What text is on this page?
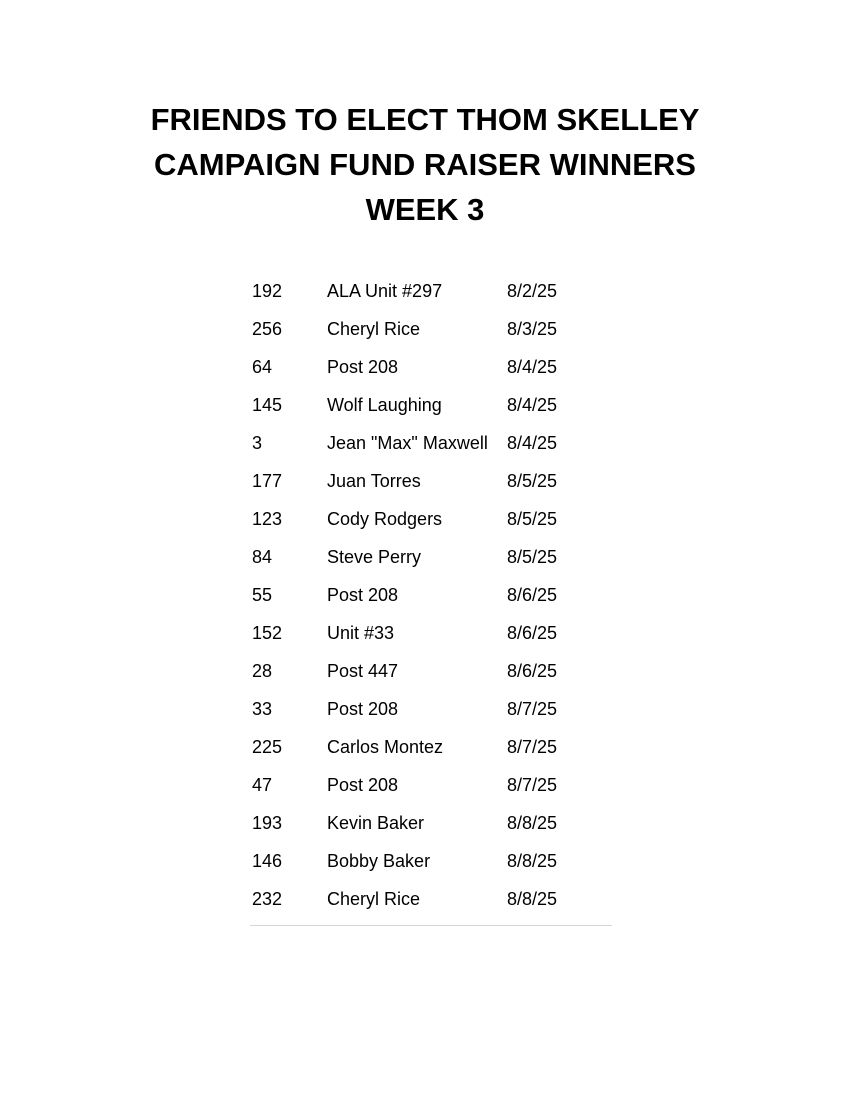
FRIENDS TO ELECT THOM SKELLEY
CAMPAIGN FUND RAISER WINNERS
WEEK 3
192 ALA Unit #297	8/2/25
256 Cheryl Rice	8/3/25
64	Post 208	8/4/25
145 Wolf Laughing	8/4/25
3	Jean "Max" Maxwell 8/4/25
177 Juan Torres	8/5/25
123 Cody Rodgers	8/5/25
84	Steve Perry	8/5/25
55	Post 208	8/6/25
152 Unit #33	8/6/25
28	Post 447	8/6/25
33	Post 208	8/7/25
225 Carlos Montez	8/7/25
47	Post 208	8/7/25
193 Kevin Baker	8/8/25
146 Bobby Baker	8/8/25
232 Cheryl Rice	8/8/25
